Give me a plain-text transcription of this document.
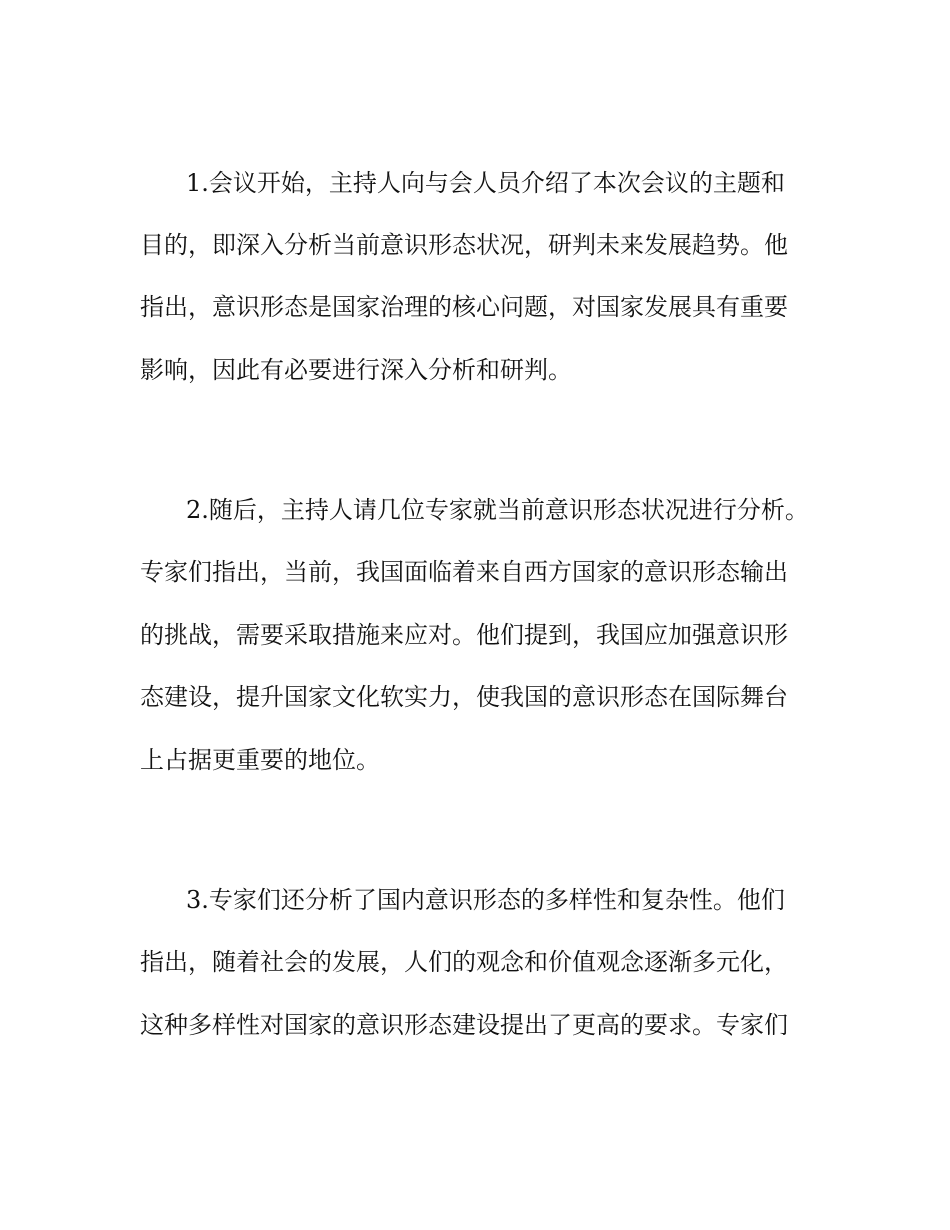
1.会议开始，主持人向与会人员介绍了本次会议的主题和

目的，即深入分析当前意识形态状况，研判未来发展趋势。他

指出，意识形态是国家治理的核心问题，对国家发展具有重要

影响，因此有必要进行深入分析和研判。

2.随后，主持人请几位专家就当前意识形态状况进行分析。

专家们指出，当前，我国面临着来自西方国家的意识形态输出

的挑战，需要采取措施来应对。他们提到，我国应加强意识形

态建设，提升国家文化软实力，使我国的意识形态在国际舞台

上占据更重要的地位。

3.专家们还分析了国内意识形态的多样性和复杂性。他们

指出，随着社会的发展，人们的观念和价值观念逐渐多元化，

这种多样性对国家的意识形态建设提出了更高的要求。专家们
